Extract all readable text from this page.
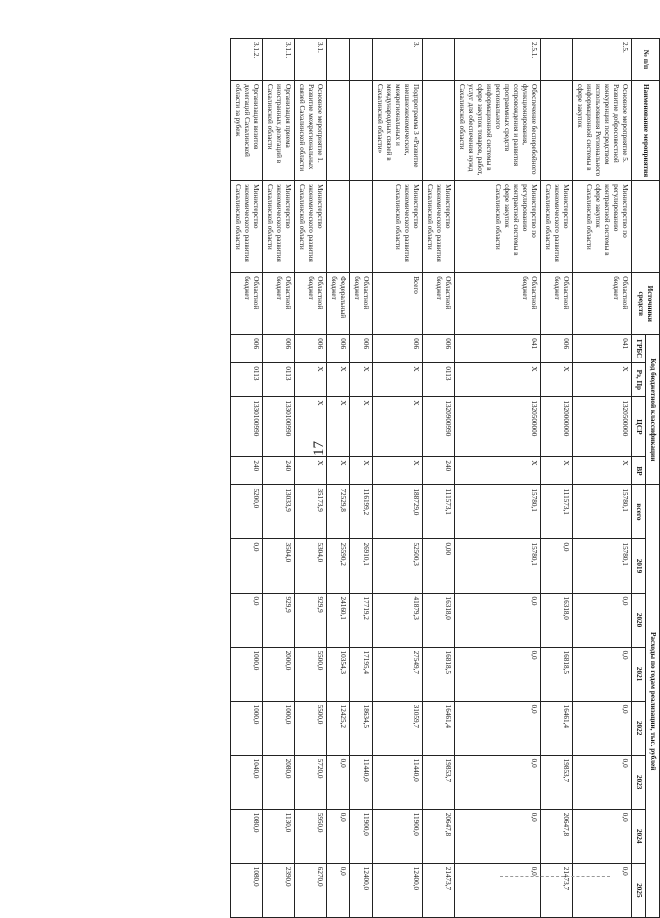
17
№ п/п	Наименование мероприятия		Источники средств	Код бюджетной классификации				Расходы по годам реализации, тыс. рублей							
				ГРБС	Рз, Пр	ЦСР	ВР	всего	2019	2020	2021	2022	2023	2024	2025
2.5.	Основное мероприятие 5. Развитие добросовестной конкуренции посредством использования Регионального информационной системы в сфере закупок	Министерство по регулированию контрактной системы в сфере закупок Сахалинской области	Областной бюджет	041	Х	1320500000	Х	15780,1	15780,1	0,0	0,0	0,0	0,0	0,0	0,0
		Министерство экономического развития Сахалинской области	Областной бюджет	006	Х	1320000000	Х	111573,1	0,0	16318,0	16818,5	16461,4	19853,7	20647,8	21473,7
2.5.1.	Обеспечение бесперебойного функционирования, сопровождения и развития программных средств регионального информационной системы в сфере закупок товаров, работ, услуг для обеспечения нужд Сахалинской области	Министерство по регулированию контрактной системы в сфере закупок Сахалинской области	Областной бюджет	041	Х	1320500000	Х	15780,1	15780,1	0,0	0,0	0,0	0,0	0,0	0,0
		Министерство экономического развития Сахалинской области	Областной бюджет	006	0113	1320900990	240	111573,1	0,00	16318,0	16818,5	16461,4	19853,7	20647,8	21473,7
3.	Подпрограмма 3 «Развитие внешнеэкономических, межрегиональных и международных связей в Сахалинской области»	Министерство экономического развития Сахалинской области	Всего	006	Х	Х	Х	188729,0	52500,3	41879,3	27549,7	31059,7	11440,0	11900,0	12400,0
			Областной бюджет	006	Х	Х	Х	116199,2	26910,1	17719,2	17195,4	18634,5	11440,0	11900,0	12400,0
			Федеральный бюджет	006	Х	Х	Х	72529,8	25590,2	24160,1	10354,3	12425,2	0,0	0,0	0,0
3.1.	Основное мероприятие 1. Развитие межрегиональных связей Сахалинской области	Министерство экономического развития Сахалинской области	Областной бюджет	006	Х	Х	Х	35173,9	5304,0	929,9	5500,0	5500,0	5720,0	5950,0	6270,0
3.1.1.	Организация приема иностранных делегаций в Сахалинской области	Министерство экономического развития Сахалинской области	Областной бюджет	006	0113	1330100990	240	13033,9	3504,0	929,9	2000,0	1000,0	2080,0	1130,0	2390,0
3.1.2.	Организация визитов делегаций Сахалинской области за рубеж	Министерство экономического развития Сахалинской области	Областной бюджет	006	0113	1330100990	240	5200,0	0,0	0,0	1000,0	1000,0	1040,0	1080,0	1080,0
